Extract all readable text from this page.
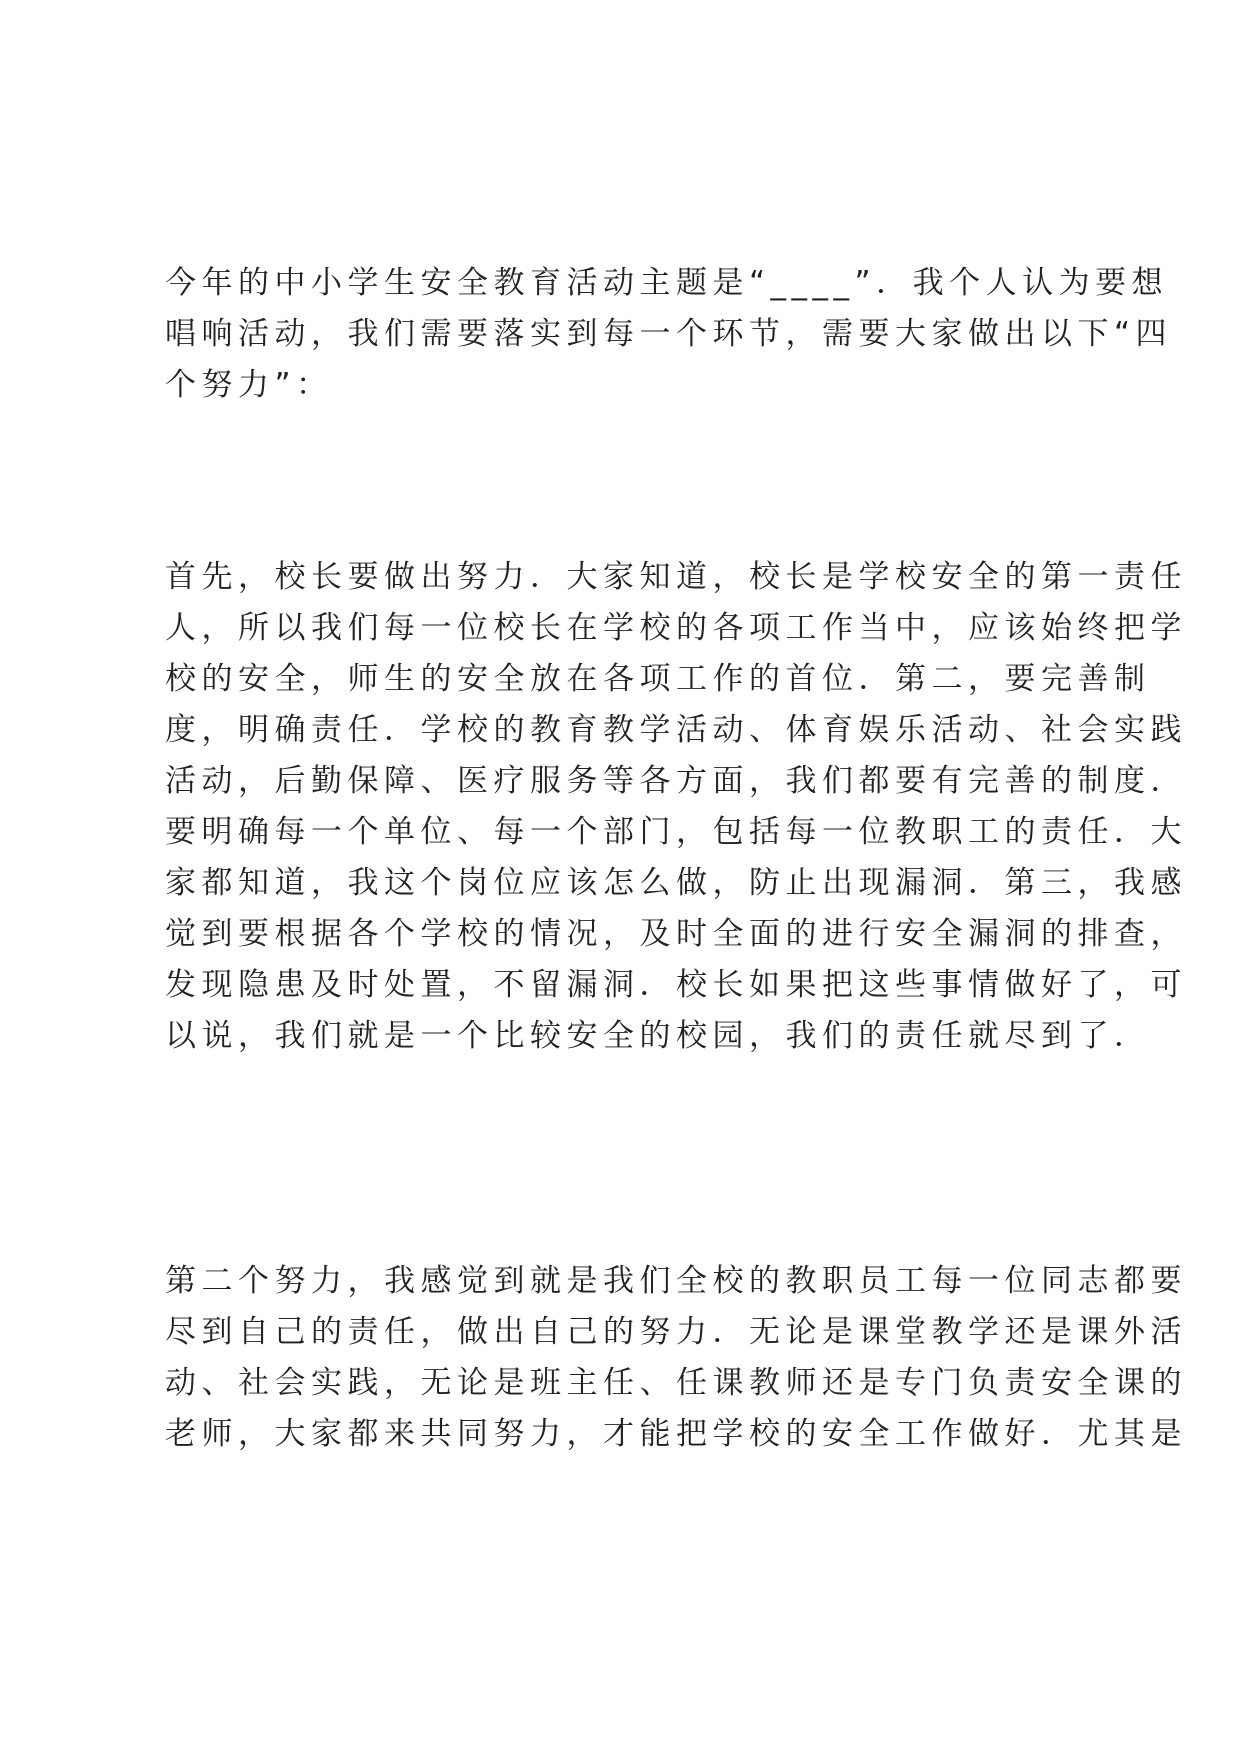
今年的中小学生安全教育活动主题是“____”．我个人认为要想
唱响活动，我们需要落实到每一个环节，需要大家做出以下“四
个努力”：
首先，校长要做出努力．大家知道，校长是学校安全的第一责任
人，所以我们每一位校长在学校的各项工作当中，应该始终把学
校的安全，师生的安全放在各项工作的首位．第二，要完善制
度，明确责任．学校的教育教学活动、体育娱乐活动、社会实践
活动，后勤保障、医疗服务等各方面，我们都要有完善的制度．
要明确每一个单位、每一个部门，包括每一位教职工的责任．大
家都知道，我这个岗位应该怎么做，防止出现漏洞．第三，我感
觉到要根据各个学校的情况，及时全面的进行安全漏洞的排查，
发现隐患及时处置，不留漏洞．校长如果把这些事情做好了，可
以说，我们就是一个比较安全的校园，我们的责任就尽到了．
第二个努力，我感觉到就是我们全校的教职员工每一位同志都要
尽到自己的责任，做出自己的努力．无论是课堂教学还是课外活
动、社会实践，无论是班主任、任课教师还是专门负责安全课的
老师，大家都来共同努力，才能把学校的安全工作做好．尤其是
